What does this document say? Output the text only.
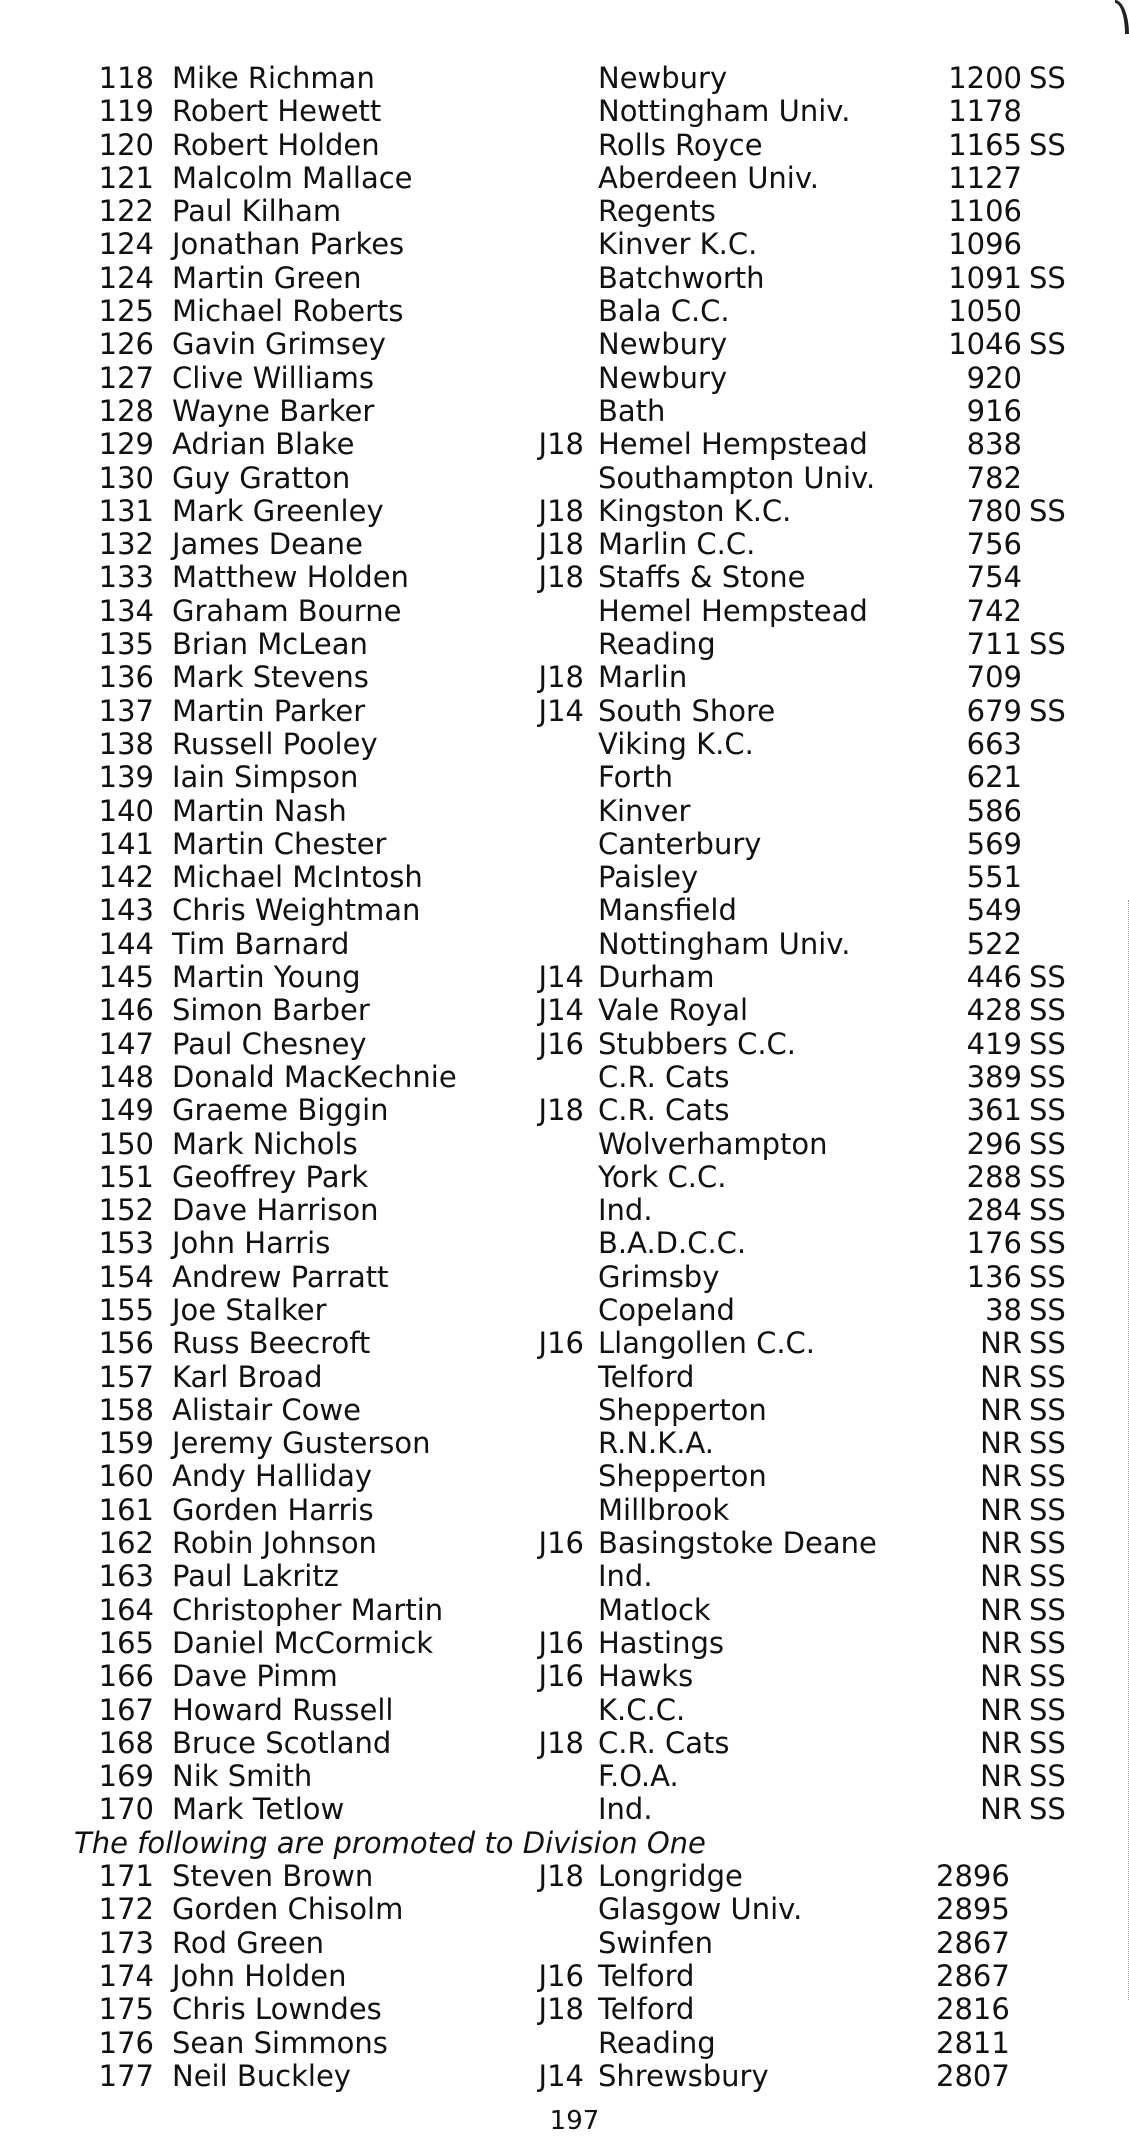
118 Mike Richman	Newbury	1200 SS
119 Robert Hewett	Nottingham Univ.	1178
120 Robert Holden	Rolls Royce	1165 SS
121 Malcolm Mallace	Aberdeen Univ.	1127
122 Paul Kilham	Regents	1106
124 Jonathan Parkes	Kinver K.C.	1096
124 Martin Green	Batchworth	1091 SS
125 Michael Roberts	Bala C.C.	1050
126 Gavin Grimsey	Newbury	1046 SS
127 Clive Williams	Newbury	920
128 Wayne Barker	Bath	916
129 Adrian Blake	J18 Hemel Hempstead	838
130 Guy Gratton	Southampton Univ.	782
131 Mark Greenley	J18 Kingston K.C.	780 SS
132 James Deane	J18 Marlin C.C.	756
133 Matthew Holden	J18 Staffs & Stone	754
134 Graham Bourne	Hemel Hempstead	742
135 Brian McLean	Reading	711 SS
136 Mark Stevens	J18 Marlin	709
137 Martin Parker	J14 South Shore	679 SS
138 Russell Pooley	Viking K.C.	663
139 Iain Simpson	Forth	621
140 Martin Nash	Kinver	586
141 Martin Chester	Canterbury	569
142 Michael McIntosh	Paisley	551
143 Chris Weightman	Mansfield	549
144 Tim Barnard	Nottingham Univ.	522
145 Martin Young	J14 Durham	446 SS
146 Simon Barber	J14 Vale Royal	428 SS
147 Paul Chesney	J16 Stubbers C.C.	419 SS
148 Donald MacKechnie	C.R. Cats	389 SS
149 Graeme Biggin	J18 C.R. Cats	361 SS
150 Mark Nichols	Wolverhampton	296 SS
151 Geoffrey Park	York C.C.	288 SS
152 Dave Harrison	Ind.	284 SS
153 John Harris	B.A.D.C.C.	176 SS
154 Andrew Parratt	Grimsby	136 SS
155 Joe Stalker	Copeland	38 SS
156 Russ Beecroft	J16 Llangollen C.C.	NR SS
157 Karl Broad	Telford	NR SS
158 Alistair Cowe	Shepperton	NR SS
159 Jeremy Gusterson	R.N.K.A.	NR SS
160 Andy Halliday	Shepperton	NR SS
161 Gorden Harris	Millbrook	NR SS
162 Robin Johnson	J16 Basingstoke Deane	NR SS
163 Paul Lakritz	Ind.	NR SS
164 Christopher Martin	Matlock	NR SS
165 Daniel McCormick	J16 Hastings	NR SS
166 Dave Pimm	J16 Hawks	NR SS
167 Howard Russell	K.C.C.	NR SS
168 Bruce Scotland	J18 C.R. Cats	NR SS
169 Nik Smith	F.O.A.	NR SS
170 Mark Tetlow	Ind.	NR SS
The following are promoted to Division One
171 Steven Brown	J18 Longridge	2896
172 Gorden Chisolm	Glasgow Univ.	2895
173 Rod Green	Swinfen	2867
174 John Holden	J16 Telford	2867
175 Chris Lowndes	J18 Telford	2816
176 Sean Simmons	Reading	2811
177 Neil Buckley	J14 Shrewsbury	2807
197
